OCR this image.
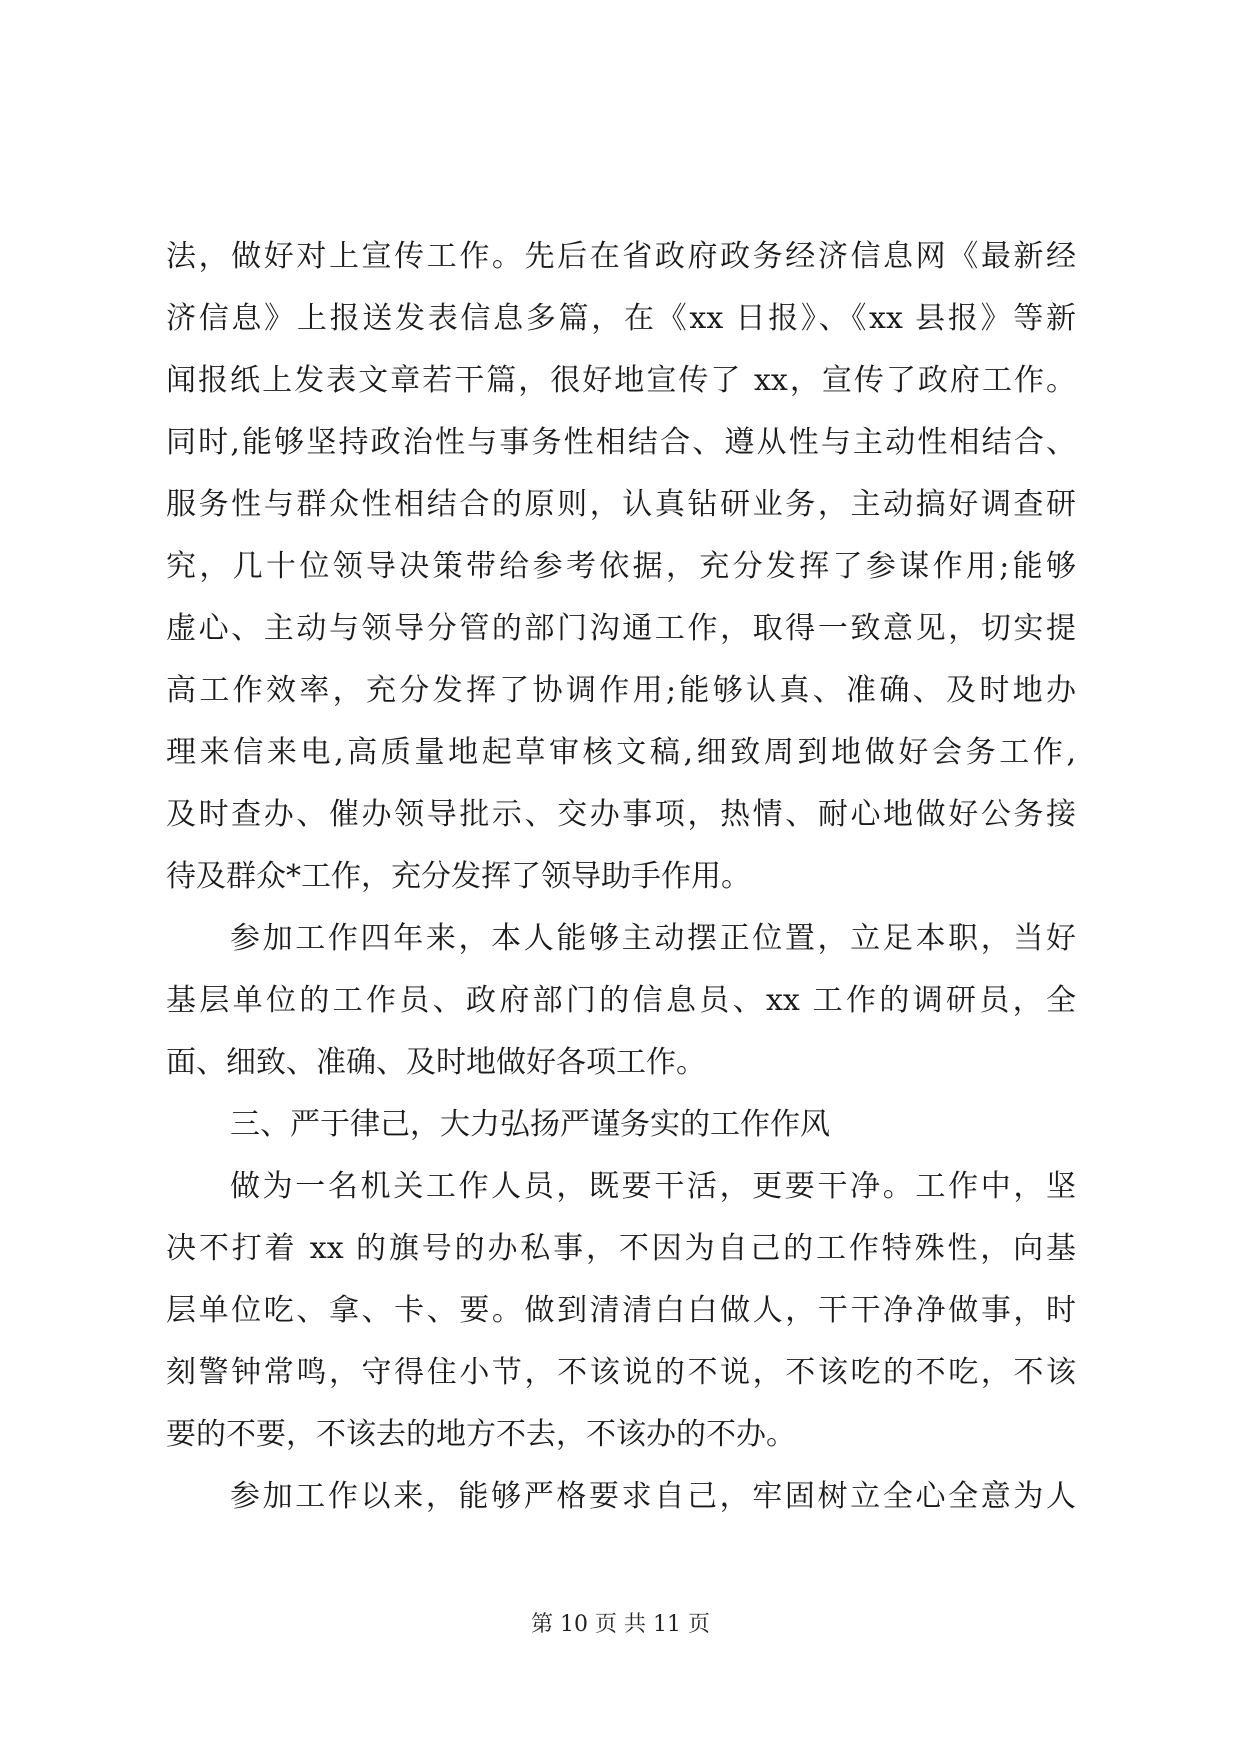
法，做好对上宣传工作。先后在省政府政务经济信息网《最新经
济信息》上报送发表信息多篇，在《xx 日报》、《xx 县报》等新
闻报纸上发表文章若干篇，很好地宣传了 xx，宣传了政府工作。
同时,能够坚持政治性与事务性相结合、遵从性与主动性相结合、
服务性与群众性相结合的原则，认真钻研业务，主动搞好调查研
究，几十位领导决策带给参考依据，充分发挥了参谋作用;能够
虚心、主动与领导分管的部门沟通工作，取得一致意见，切实提
高工作效率，充分发挥了协调作用;能够认真、准确、及时地办
理来信来电,高质量地起草审核文稿,细致周到地做好会务工作,
及时查办、催办领导批示、交办事项，热情、耐心地做好公务接
待及群众*工作，充分发挥了领导助手作用。
参加工作四年来，本人能够主动摆正位置，立足本职，当好
基层单位的工作员、政府部门的信息员、xx 工作的调研员，全
面、细致、准确、及时地做好各项工作。
三、严于律己，大力弘扬严谨务实的工作作风
做为一名机关工作人员，既要干活，更要干净。工作中，坚
决不打着 xx 的旗号的办私事，不因为自己的工作特殊性，向基
层单位吃、拿、卡、要。做到清清白白做人，干干净净做事，时
刻警钟常鸣，守得住小节，不该说的不说，不该吃的不吃，不该
要的不要，不该去的地方不去，不该办的不办。
参加工作以来，能够严格要求自己，牢固树立全心全意为人
第 10 页 共 11 页
